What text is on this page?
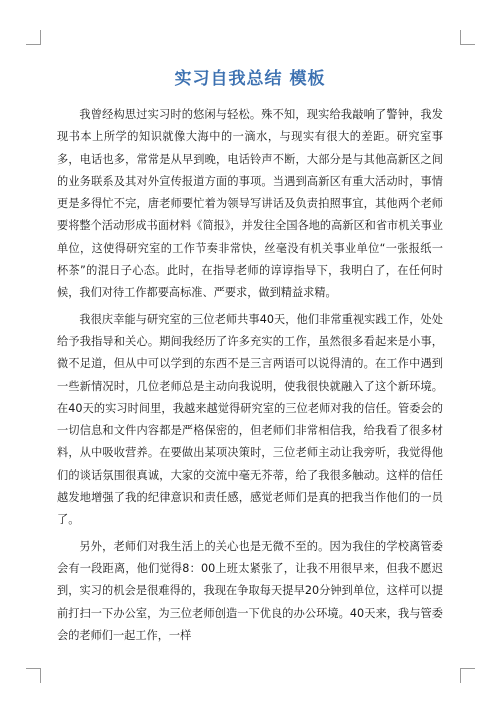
实习自我总结 模板

我曾经构思过实习时的悠闲与轻松。殊不知，现实给我敲响了警钟，我发现书本上所学的知识就像大海中的一滴水，与现实有很大的差距。研究室事多，电话也多，常常是从早到晚，电话铃声不断，大部分是与其他高新区之间的业务联系及其对外宣传报道方面的事项。当遇到高新区有重大活动时，事情更是多得忙不完，唐老师要忙着为领导写讲话及负责拍照事宜，其他两个老师要将整个活动形成书面材料《简报》，并发往全国各地的高新区和省市机关事业单位，这使得研究室的工作节奏非常快，丝毫没有机关事业单位“一张报纸一杯茶”的混日子心态。此时，在指导老师的谆谆指导下，我明白了，在任何时候，我们对待工作都要高标准、严要求，做到精益求精。

我很庆幸能与研究室的三位老师共事40天，他们非常重视实践工作，处处给予我指导和关心。期间我经历了许多充实的工作，虽然很多看起来是小事，微不足道，但从中可以学到的东西不是三言两语可以说得清的。在工作中遇到一些新情况时，几位老师总是主动向我说明，使我很快就融入了这个新环境。在40天的实习时间里，我越来越觉得研究室的三位老师对我的信任。管委会的一切信息和文件内容都是严格保密的，但老师们非常相信我，给我看了很多材料，从中吸收营养。在要做出某项决策时，三位老师主动让我旁听，我觉得他们的谈话氛围很真诚，大家的交流中毫无芥蒂，给了我很多触动。这样的信任越发地增强了我的纪律意识和责任感，感觉老师们是真的把我当作他们的一员了。

另外，老师们对我生活上的关心也是无微不至的。因为我住的学校离管委会有一段距离，他们觉得8：00上班太紧张了，让我不用很早来，但我不愿迟到，实习的机会是很难得的，我现在争取每天提早20分钟到单位，这样可以提前打扫一下办公室，为三位老师创造一下优良的办公环境。40天来，我与管委会的老师们一起工作，一样
